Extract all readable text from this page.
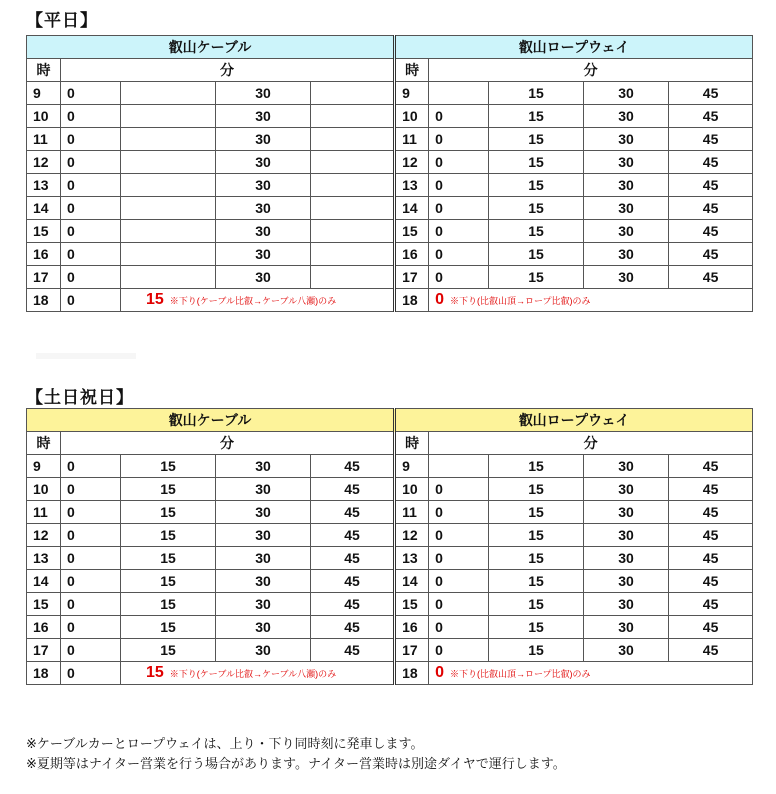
【平日】
叡山ケーブル					叡山ロープウェイ				
時	分				時	分			
9	0		30		9		15	30	45
10	0		30		10	0	15	30	45
11	0		30		11	0	15	30	45
12	0		30		12	0	15	30	45
13	0		30		13	0	15	30	45
14	0		30		14	0	15	30	45
15	0		30		15	0	15	30	45
16	0		30		16	0	15	30	45
17	0		30		17	0	15	30	45
18	0	15 ※下り(ケーブル比叡→ケーブル八瀬)のみ			18	0 ※下り(比叡山頂→ロープ比叡)のみ			
【土日祝日】
叡山ケーブル					叡山ロープウェイ				
時	分				時	分			
9	0	15	30	45	9		15	30	45
10	0	15	30	45	10	0	15	30	45
11	0	15	30	45	11	0	15	30	45
12	0	15	30	45	12	0	15	30	45
13	0	15	30	45	13	0	15	30	45
14	0	15	30	45	14	0	15	30	45
15	0	15	30	45	15	0	15	30	45
16	0	15	30	45	16	0	15	30	45
17	0	15	30	45	17	0	15	30	45
18	0	15 ※下り(ケーブル比叡→ケーブル八瀬)のみ			18	0 ※下り(比叡山頂→ロープ比叡)のみ			
※ケーブルカーとロープウェイは、上り・下り同時刻に発車します。
※夏期等はナイター営業を行う場合があります。ナイター営業時は別途ダイヤで運行します。
